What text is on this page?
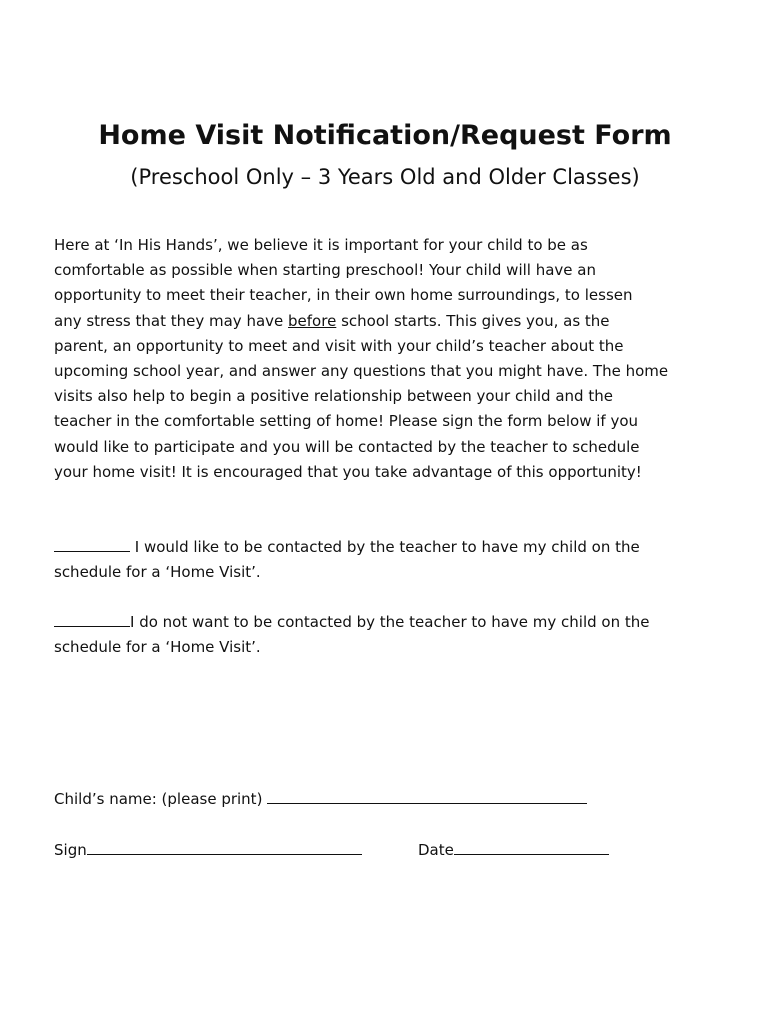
Home Visit Notification/Request Form
(Preschool Only – 3 Years Old and Older Classes)
Here at ‘In His Hands’, we believe it is important for your child to be as
comfortable as possible when starting preschool! Your child will have an
opportunity to meet their teacher, in their own home surroundings, to lessen
any stress that they may have before school starts. This gives you, as the
parent, an opportunity to meet and visit with your child’s teacher about the
upcoming school year, and answer any questions that you might have. The home
visits also help to begin a positive relationship between your child and the
teacher in the comfortable setting of home! Please sign the form below if you
would like to participate and you will be contacted by the teacher to schedule
your home visit! It is encouraged that you take advantage of this opportunity!
I would like to be contacted by the teacher to have my child on the
schedule for a ‘Home Visit’.
I do not want to be contacted by the teacher to have my child on the
schedule for a ‘Home Visit’.
Child’s name: (please print)
Sign	Date
